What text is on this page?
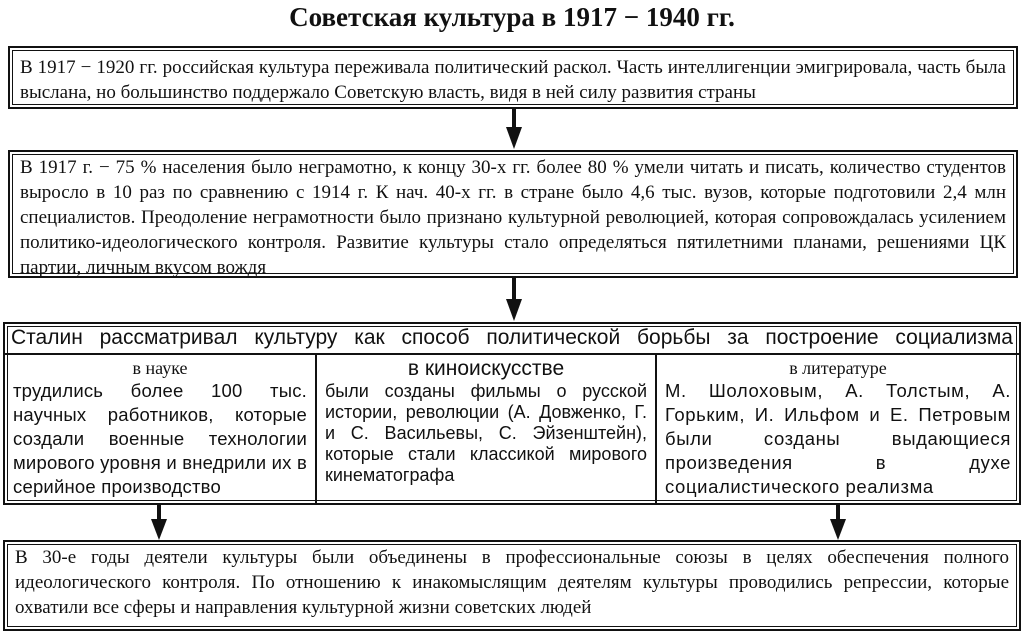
Советская культура в 1917 − 1940 гг.
В 1917 − 1920 гг. российская культура переживала политический раскол. Часть интеллигенции эмигрировала, часть была выслана, но большинство поддержало Советскую власть, видя в ней силу развития страны
В 1917 г. − 75 % населения было неграмотно, к концу 30-х гг. более 80 % умели читать и писать, количество студентов выросло в 10 раз по сравнению с 1914 г. К нач. 40-х гг. в стране было 4,6 тыс. вузов, которые подготовили 2,4 млн специалистов. Преодоление неграмотности было признано культурной революцией, которая сопровождалась усилением политико-идеологического контроля. Развитие культуры стало определяться пятилетними планами, решениями ЦК партии, личным вкусом вождя
Сталин рассматривал культуру как способ политической борьбы за построение социализма
в науке
трудились более 100 тыс. научных работников, которые создали военные технологии мирового уровня и внедрили их в серийное производство
в киноискусстве
были созданы фильмы о русской истории, революции (А. Довженко, Г. и С. Васильевы, С. Эйзенштейн), которые стали классикой мирового кинематографа
в литературе
М. Шолоховым, А. Толстым, А. Горьким, И. Ильфом и Е. Петровым были созданы выдающиеся произведения в духе социалистического реализма
В 30-е годы деятели культуры были объединены в профессиональные союзы в целях обеспечения полного идеологического контроля. По отношению к инакомыслящим деятелям культуры проводились репрессии, которые охватили все сферы и направления культурной жизни советских людей
